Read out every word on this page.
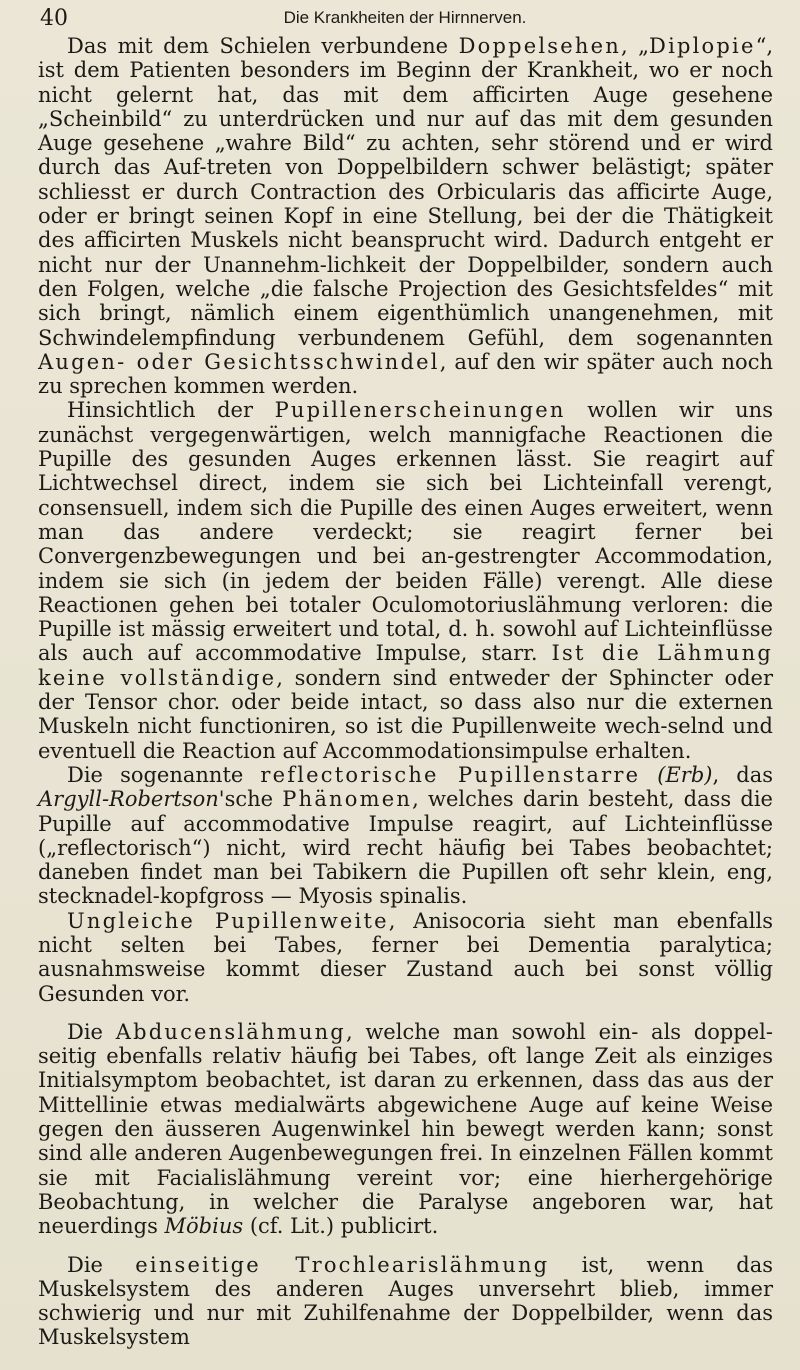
40	Die Krankheiten der Hirnnerven.

Das mit dem Schielen verbundene Doppelsehen, „Diplopie“, ist dem Patienten besonders im Beginn der Krankheit, wo er noch nicht gelernt hat, das mit dem afficirten Auge gesehene „Scheinbild“ zu unterdrücken und nur auf das mit dem gesunden Auge gesehene „wahre Bild“ zu achten, sehr störend und er wird durch das Auf-treten von Doppelbildern schwer belästigt; später schliesst er durch Contraction des Orbicularis das afficirte Auge, oder er bringt seinen Kopf in eine Stellung, bei der die Thätigkeit des afficirten Muskels nicht beansprucht wird. Dadurch entgeht er nicht nur der Unannehm-lichkeit der Doppelbilder, sondern auch den Folgen, welche „die falsche Projection des Gesichtsfeldes“ mit sich bringt, nämlich einem eigenthümlich unangenehmen, mit Schwindelempfindung verbundenem Gefühl, dem sogenannten Augen- oder Gesichtsschwindel, auf den wir später auch noch zu sprechen kommen werden.

Hinsichtlich der Pupillenerscheinungen wollen wir uns zunächst vergegenwärtigen, welch mannigfache Reactionen die Pupille des gesunden Auges erkennen lässt. Sie reagirt auf Lichtwechsel direct, indem sie sich bei Lichteinfall verengt, consensuell, indem sich die Pupille des einen Auges erweitert, wenn man das andere verdeckt; sie reagirt ferner bei Convergenzbewegungen und bei an-gestrengter Accommodation, indem sie sich (in jedem der beiden Fälle) verengt. Alle diese Reactionen gehen bei totaler Oculomotoriuslähmung verloren: die Pupille ist mässig erweitert und total, d. h. sowohl auf Lichteinflüsse als auch auf accommodative Impulse, starr. Ist die Lähmung keine vollständige, sondern sind entweder der Sphincter oder der Tensor chor. oder beide intact, so dass also nur die externen Muskeln nicht functioniren, so ist die Pupillenweite wech-selnd und eventuell die Reaction auf Accommodationsimpulse erhalten.

Die sogenannte reflectorische Pupillenstarre (Erb), das Argyll-Robertson'sche Phänomen, welches darin besteht, dass die Pupille auf accommodative Impulse reagirt, auf Lichteinflüsse („reflectorisch“) nicht, wird recht häufig bei Tabes beobachtet; daneben findet man bei Tabikern die Pupillen oft sehr klein, eng, stecknadel-kopfgross — Myosis spinalis.

Ungleiche Pupillenweite, Anisocoria sieht man ebenfalls nicht selten bei Tabes, ferner bei Dementia paralytica; ausnahmsweise kommt dieser Zustand auch bei sonst völlig Gesunden vor.

Die Abducenslähmung, welche man sowohl ein- als doppel-seitig ebenfalls relativ häufig bei Tabes, oft lange Zeit als einziges Initialsymptom beobachtet, ist daran zu erkennen, dass das aus der Mittellinie etwas medialwärts abgewichene Auge auf keine Weise gegen den äusseren Augenwinkel hin bewegt werden kann; sonst sind alle anderen Augenbewegungen frei. In einzelnen Fällen kommt sie mit Facialislähmung vereint vor; eine hierhergehörige Beobachtung, in welcher die Paralyse angeboren war, hat neuerdings Möbius (cf. Lit.) publicirt.

Die einseitige Trochlearislähmung ist, wenn das Muskelsystem des anderen Auges unversehrt blieb, immer schwierig und nur mit Zuhilfenahme der Doppelbilder, wenn das Muskelsystem
